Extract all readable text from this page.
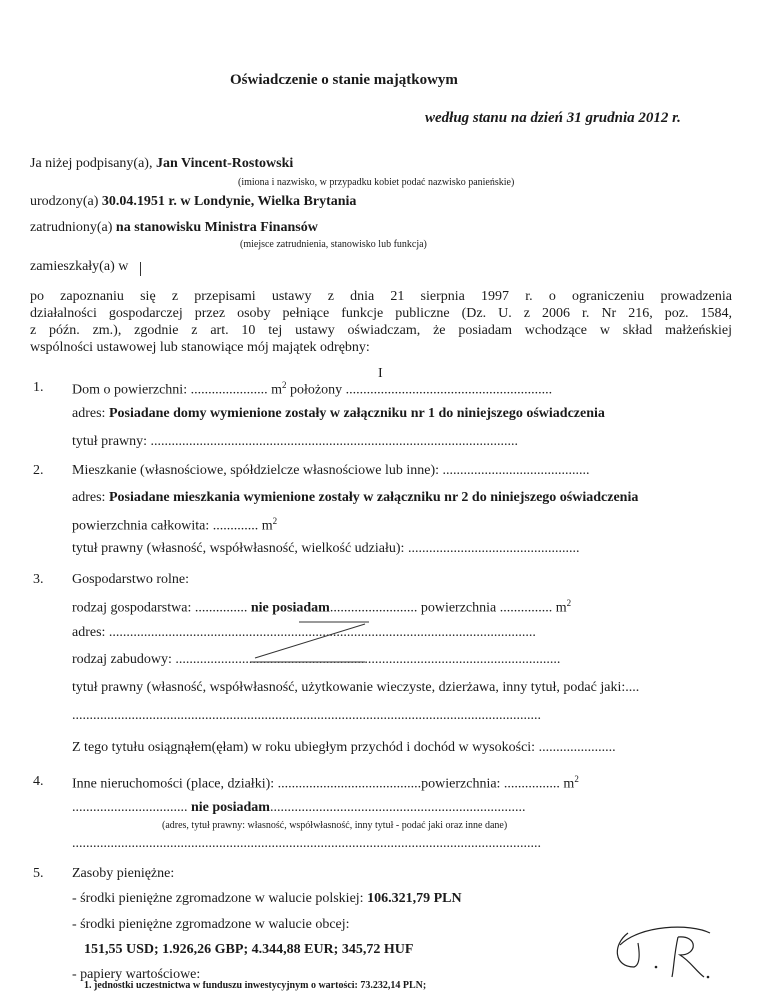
Oświadczenie o stanie majątkowym
według stanu na dzień 31 grudnia 2012 r.
Ja niżej podpisany(a), Jan Vincent-Rostowski
(imiona i nazwisko, w przypadku kobiet podać nazwisko panieńskie)
urodzony(a) 30.04.1951 r. w Londynie, Wielka Brytania
zatrudniony(a) na stanowisku Ministra Finansów
(miejsce zatrudnienia, stanowisko lub funkcja)
zamieszkały(a) w
po zapoznaniu się z przepisami ustawy z dnia 21 sierpnia 1997 r. o ograniczeniu prowadzenia
działalności gospodarczej przez osoby pełniące funkcje publiczne (Dz. U. z 2006 r. Nr 216, poz. 1584,
z późn. zm.), zgodnie z art. 10 tej ustawy oświadczam, że posiadam wchodzące w skład małżeńskiej
wspólności ustawowej lub stanowiące mój majątek odrębny:
I
1. Dom o powierzchni: ...................... $m^2$ położony ...........................................................
adres: Posiadane domy wymienione zostały w załączniku nr 1 do niniejszego oświadczenia
tytuł prawny: .........................................................................................................
2. Mieszkanie (własnościowe, spółdzielcze własnościowe lub inne): ..........................................
adres: Posiadane mieszkania wymienione zostały w załączniku nr 2 do niniejszego oświadczenia
powierzchnia całkowita: ............. $m^2$
tytuł prawny (własność, współwłasność, wielkość udziału): .................................................
3. Gospodarstwo rolne:
rodzaj gospodarstwa: ............... nie posiadam......................... powierzchnia ............... $m^2$
adres: ..........................................................................................................................
rodzaj zabudowy: ..............................................................................................................
tytuł prawny (własność, współwłasność, użytkowanie wieczyste, dzierżawa, inny tytuł, podać jaki:....
......................................................................................................................................
Z tego tytułu osiągnąłem(ęłam) w roku ubiegłym przychód i dochód w wysokości: ......................
4. Inne nieruchomości (place, działki): .........................................powierzchnia: ................ $m^2$
................................. nie posiadam.........................................................................
(adres, tytuł prawny: własność, współwłasność, inny tytuł - podać jaki oraz inne dane)
......................................................................................................................................
5. Zasoby pieniężne:
- środki pieniężne zgromadzone w walucie polskiej: 106.321,79 PLN
- środki pieniężne zgromadzone w walucie obcej:
151,55 USD; 1.926,26 GBP; 4.344,88 EUR; 345,72 HUF
- papiery wartościowe:
1. jednostki uczestnictwa w funduszu inwestycyjnym o wartości: 73.232,14 PLN;
